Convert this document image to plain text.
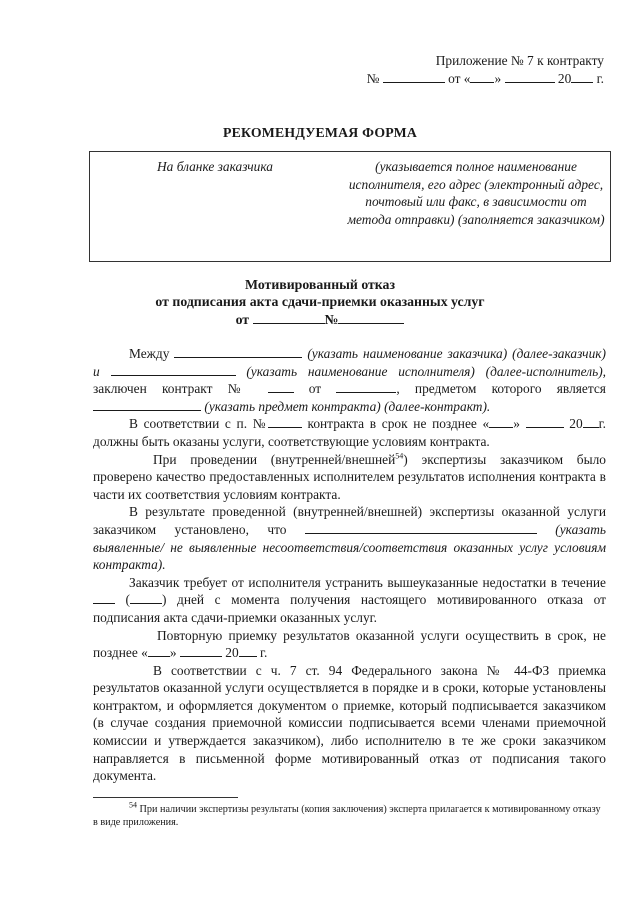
Приложение № 7 к контракту
№	от « »	20 г.
РЕКОМЕНДУЕМАЯ ФОРМА
На бланке заказчика	(указывается полное наименование исполнителя, его адрес (электронный адрес, почтовый или факс, в зависимости от метода отправки) (заполняется заказчиком)
Мотивированный отказ
от подписания акта сдачи-приемки оказанных услуг
от	№

Между	(указать наименование заказчика) (далее-заказчик) и	(указать наименование исполнителя) (далее-исполнитель), заключен контракт №	от	, предметом которого является  (указать предмет контракта) (далее-контракт).

В соответствии с п. №	контракта в срок не позднее « »	20 г. должны быть оказаны услуги, соответствующие условиям контракта.

При проведении (внутренней/внешней$^{54}$) экспертизы заказчиком было проверено качество предоставленных исполнителем результатов исполнения контракта в части их соответствия условиям контракта.

В результате проведенной (внутренней/внешней) экспертизы оказанной услуги заказчиком установлено, что	(указать выявленные/ не выявленные несоответствия/соответствия оказанных услуг условиям контракта).

Заказчик требует от исполнителя устранить вышеуказанные недостатки в течение  ( ) дней с момента получения настоящего мотивированного отказа от подписания акта сдачи-приемки оказанных услуг.

Повторную приемку результатов оказанной услуги осуществить в срок, не позднее « »	20 г.

В соответствии с ч. 7 ст. 94 Федерального закона № 44-ФЗ приемка результатов оказанной услуги осуществляется в порядке и в сроки, которые установлены контрактом, и оформляется документом о приемке, который подписывается заказчиком (в случае создания приемочной комиссии подписывается всеми членами приемочной комиссии и утверждается заказчиком), либо исполнителю в те же сроки заказчиком направляется в письменной форме мотивированный отказ от подписания такого документа.

$^{54}$ При наличии экспертизы результаты (копия заключения) эксперта прилагается к мотивированному отказу в виде приложения.
